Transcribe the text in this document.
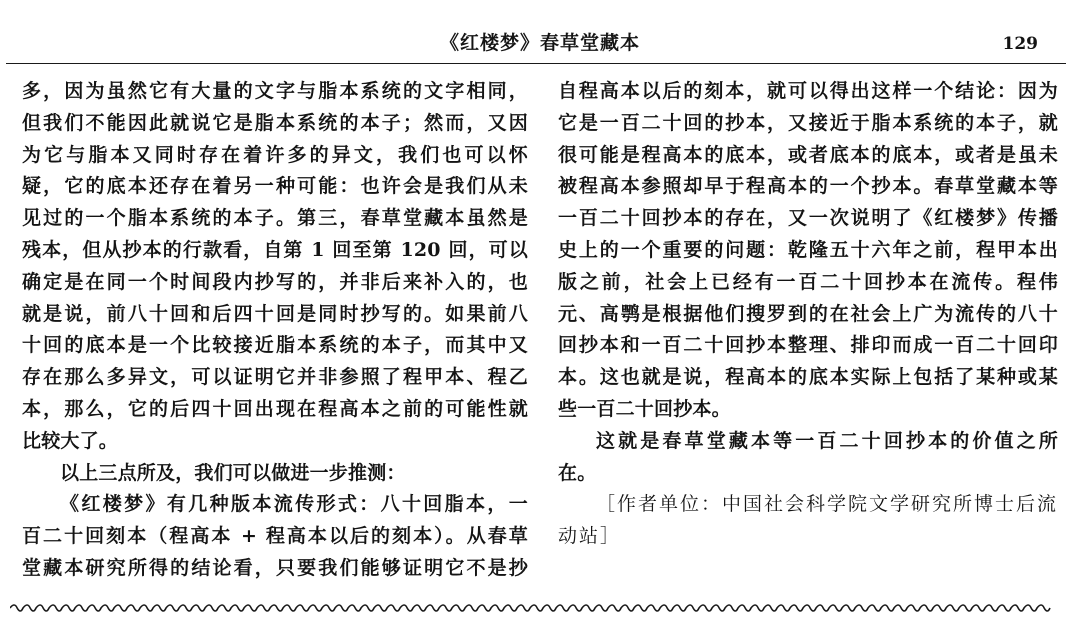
《红楼梦》春草堂藏本	129
多，因为虽然它有大量的文字与脂本系统的文字相同，
但我们不能因此就说它是脂本系统的本子；然而，又因
为它与脂本又同时存在着许多的异文，我们也可以怀
疑，它的底本还存在着另一种可能：也许会是我们从未
见过的一个脂本系统的本子。第三，春草堂藏本虽然是
残本，但从抄本的行款看，自第 1 回至第 120 回，可以
确定是在同一个时间段内抄写的，并非后来补入的，也
就是说，前八十回和后四十回是同时抄写的。如果前八
十回的底本是一个比较接近脂本系统的本子，而其中又
存在那么多异文，可以证明它并非参照了程甲本、程乙
本，那么，它的后四十回出现在程高本之前的可能性就
比较大了。
以上三点所及，我们可以做进一步推测：
《红楼梦》有几种版本流传形式：八十回脂本，一
百二十回刻本（程高本 + 程高本以后的刻本）。从春草
堂藏本研究所得的结论看，只要我们能够证明它不是抄
自程高本以后的刻本，就可以得出这样一个结论：因为
它是一百二十回的抄本，又接近于脂本系统的本子，就
很可能是程高本的底本，或者底本的底本，或者是虽未
被程高本参照却早于程高本的一个抄本。春草堂藏本等
一百二十回抄本的存在，又一次说明了《红楼梦》传播
史上的一个重要的问题：乾隆五十六年之前，程甲本出
版之前，社会上已经有一百二十回抄本在流传。程伟
元、高鹗是根据他们搜罗到的在社会上广为流传的八十
回抄本和一百二十回抄本整理、排印而成一百二十回印
本。这也就是说，程高本的底本实际上包括了某种或某
些一百二十回抄本。
这就是春草堂藏本等一百二十回抄本的价值之所
在。
［作者单位：中国社会科学院文学研究所博士后流
动站］
